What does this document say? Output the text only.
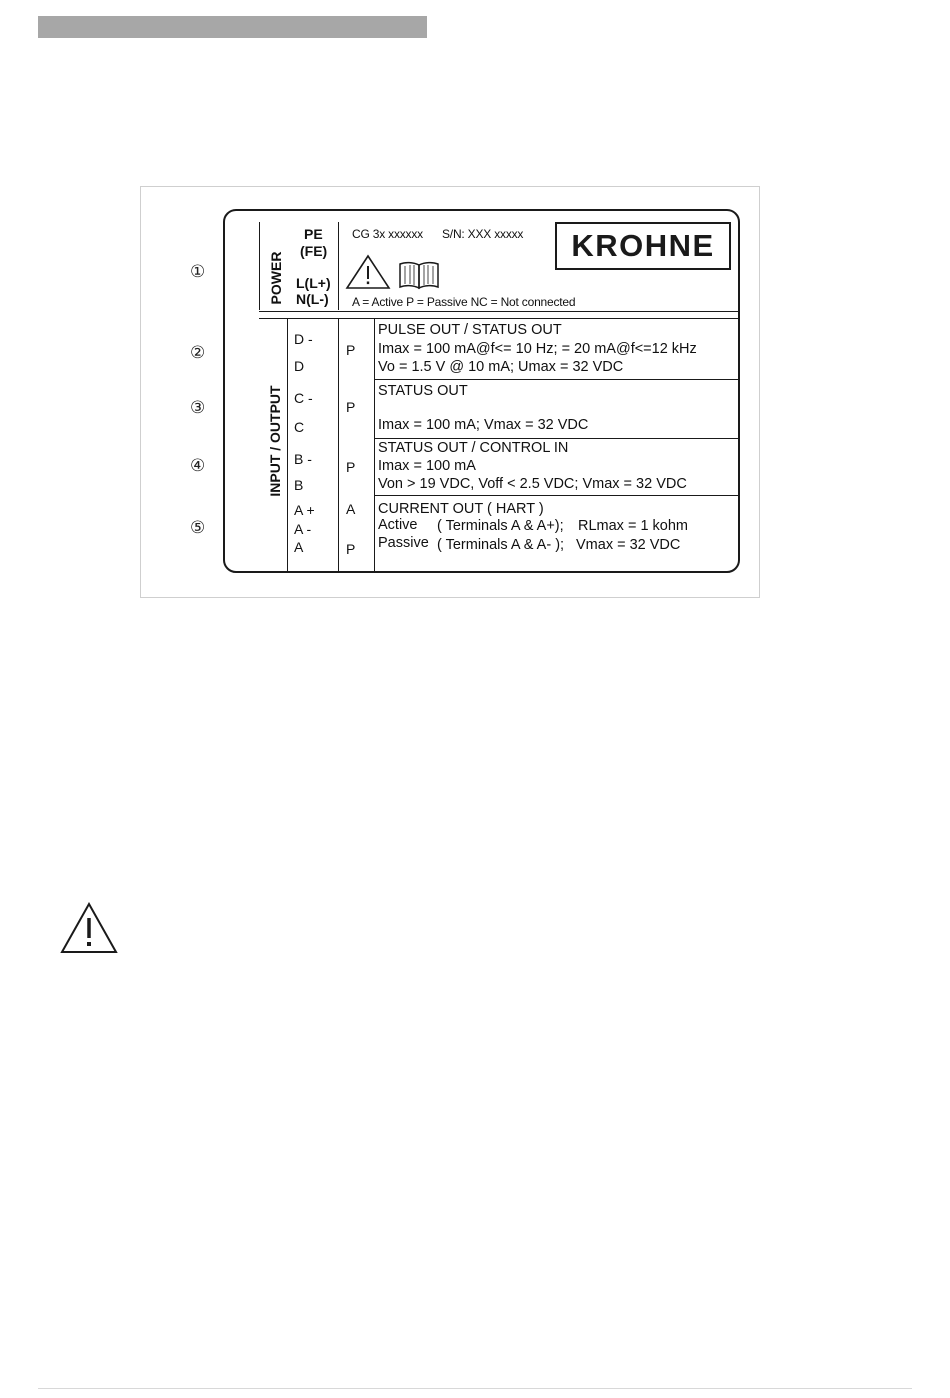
①
②
③
④
⑤
POWER
INPUT / OUTPUT
PE
(FE)
L(L+)
N(L-)
CG 3x xxxxxx S/N: XXX xxxxx KROHNE
A = Active P = Passive NC = Not connected
D -
D
P
PULSE OUT / STATUS OUT
Imax = 100 mA@f<= 10 Hz; = 20 mA@f<=12 kHz
Vo = 1.5 V @ 10 mA; Umax = 32 VDC
C -
C
P
STATUS OUT
Imax = 100 mA; Vmax = 32 VDC
B -
B
P
STATUS OUT / CONTROL IN
Imax = 100 mA
Von > 19 VDC, Voff < 2.5 VDC; Vmax = 32 VDC
A +
A -
A
A
P
CURRENT OUT ( HART )
Active ( Terminals A & A+); RLmax = 1 kohm
Passive ( Terminals A & A- ); Vmax = 32 VDC
